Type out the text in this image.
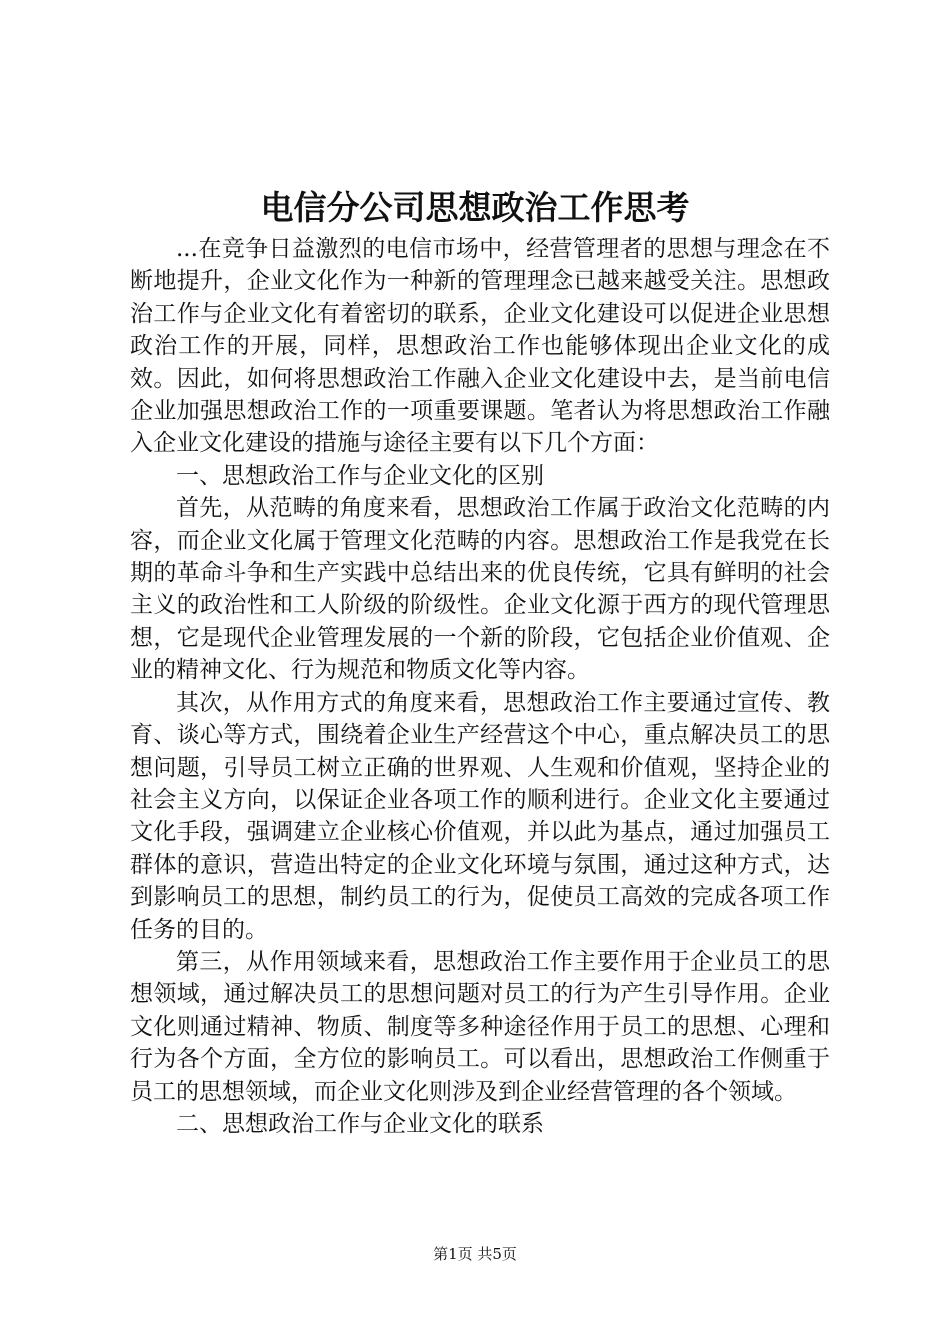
电信分公司思想政治工作思考

...在竞争日益激烈的电信市场中，经营管理者的思想与理念在不断地提升，企业文化作为一种新的管理理念已越来越受关注。思想政治工作与企业文化有着密切的联系，企业文化建设可以促进企业思想政治工作的开展，同样，思想政治工作也能够体现出企业文化的成效。因此，如何将思想政治工作融入企业文化建设中去，是当前电信企业加强思想政治工作的一项重要课题。笔者认为将思想政治工作融入企业文化建设的措施与途径主要有以下几个方面：

一、思想政治工作与企业文化的区别

首先，从范畴的角度来看，思想政治工作属于政治文化范畴的内容，而企业文化属于管理文化范畴的内容。思想政治工作是我党在长期的革命斗争和生产实践中总结出来的优良传统，它具有鲜明的社会主义的政治性和工人阶级的阶级性。企业文化源于西方的现代管理思想，它是现代企业管理发展的一个新的阶段，它包括企业价值观、企业的精神文化、行为规范和物质文化等内容。

其次，从作用方式的角度来看，思想政治工作主要通过宣传、教育、谈心等方式，围绕着企业生产经营这个中心，重点解决员工的思想问题，引导员工树立正确的世界观、人生观和价值观，坚持企业的社会主义方向，以保证企业各项工作的顺利进行。企业文化主要通过文化手段，强调建立企业核心价值观，并以此为基点，通过加强员工群体的意识，营造出特定的企业文化环境与氛围，通过这种方式，达到影响员工的思想，制约员工的行为，促使员工高效的完成各项工作任务的目的。

第三，从作用领域来看，思想政治工作主要作用于企业员工的思想领域，通过解决员工的思想问题对员工的行为产生引导作用。企业文化则通过精神、物质、制度等多种途径作用于员工的思想、心理和行为各个方面，全方位的影响员工。可以看出，思想政治工作侧重于员工的思想领域，而企业文化则涉及到企业经营管理的各个领域。

二、思想政治工作与企业文化的联系

第1页 共5页
